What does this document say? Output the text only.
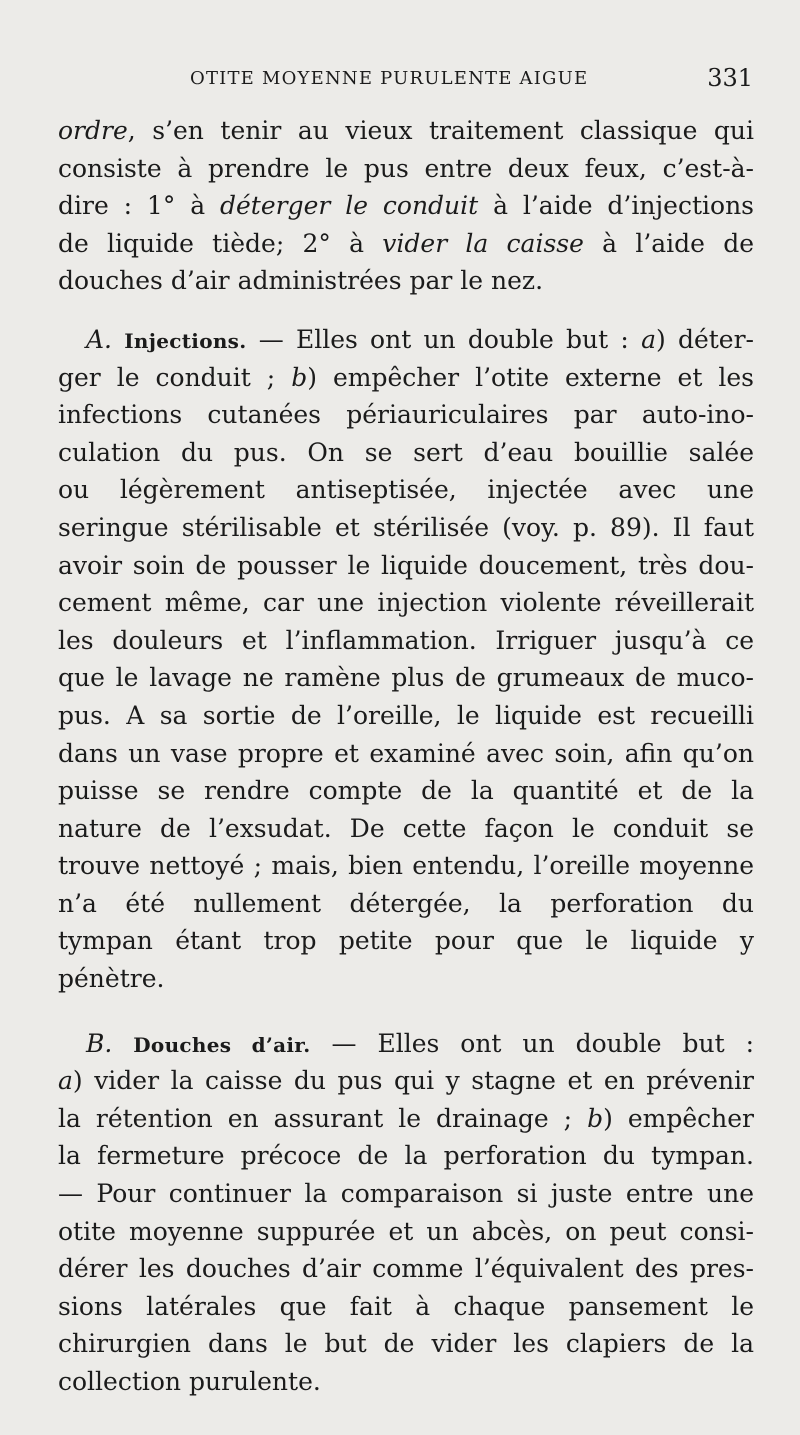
OTITE MOYENNE PURULENTE AIGUE	331
ordre, s’en tenir au vieux traitement classique qui
consiste à prendre le pus entre deux feux, c’est-à-
dire : 1° à déterger le conduit à l’aide d’injections
de liquide tiède; 2° à vider la caisse à l’aide de
douches d’air administrées par le nez.
A. Injections. — Elles ont un double but : a) déter-
ger le conduit ; b) empêcher l’otite externe et les
infections cutanées périauriculaires par auto-ino-
culation du pus. On se sert d’eau bouillie salée
ou légèrement antiseptisée, injectée avec une
seringue stérilisable et stérilisée (voy. p. 89). Il faut
avoir soin de pousser le liquide doucement, très dou-
cement même, car une injection violente réveillerait
les douleurs et l’inflammation. Irriguer jusqu’à ce
que le lavage ne ramène plus de grumeaux de muco-
pus. A sa sortie de l’oreille, le liquide est recueilli
dans un vase propre et examiné avec soin, afin qu’on
puisse se rendre compte de la quantité et de la
nature de l’exsudat. De cette façon le conduit se
trouve nettoyé ; mais, bien entendu, l’oreille moyenne
n’a été nullement détergée, la perforation du
tympan étant trop petite pour que le liquide y
pénètre.
B. Douches d’air. — Elles ont un double but :
a) vider la caisse du pus qui y stagne et en prévenir
la rétention en assurant le drainage ; b) empêcher
la fermeture précoce de la perforation du tympan.
— Pour continuer la comparaison si juste entre une
otite moyenne suppurée et un abcès, on peut consi-
dérer les douches d’air comme l’équivalent des pres-
sions latérales que fait à chaque pansement le
chirurgien dans le but de vider les clapiers de la
collection purulente.
